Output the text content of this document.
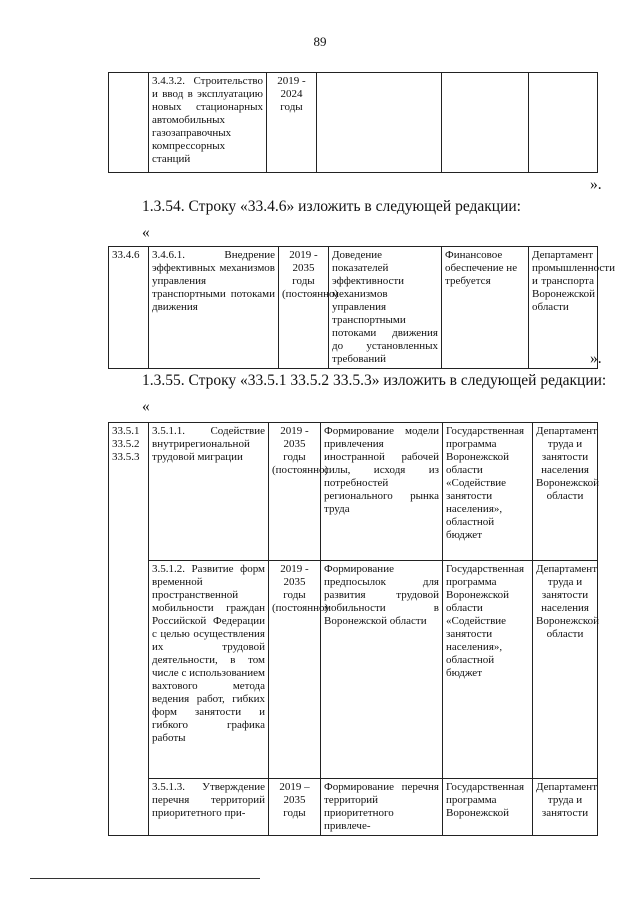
89
	3.4.3.2. Строительство и ввод в эксплуатацию новых стационарных автомобильных газозаправочных компрессорных станций	2019 - 2024 годы			
».
1.3.54. Строку «33.4.6» изложить в следующей редакции:
«
33.4.6	3.4.6.1. Внедрение эффективных механизмов управления транспортными потоками движения	2019 - 2035 годы (постоянно)	Доведение показателей эффективности механизмов управления транспортными потоками движения до установленных требований	Финансовое обеспечение не требуется	Департамент промышленности и транспорта Воронежской области
».
1.3.55. Строку «33.5.1 33.5.2 33.5.3» изложить в следующей редакции:
«
33.5.1 33.5.2 33.5.3	3.5.1.1. Содействие внутрирегиональной трудовой миграции	2019 - 2035 годы (постоянно)	Формирование модели привлечения иностранной рабочей силы, исходя из потребностей регионального рынка труда	Государственная программа Воронежской области «Содействие занятости населения», областной бюджет	Департамент труда и занятости населения Воронежской области
	3.5.1.2. Развитие форм временной пространственной мобильности граждан Российской Федерации с целью осуществления их трудовой деятельности, в том числе с использованием вахтового метода ведения работ, гибких форм занятости и гибкого графика работы	2019 - 2035 годы (постоянно)	Формирование предпосылок для развития трудовой мобильности в Воронежской области	Государственная программа Воронежской области «Содействие занятости населения», областной бюджет	Департамент труда и занятости населения Воронежской области
	3.5.1.3. Утверждение перечня территорий приоритетного при-	2019 – 2035 годы	Формирование перечня территорий приоритетного привлече-	Государственная программа Воронежской	Департамент труда и занятости
